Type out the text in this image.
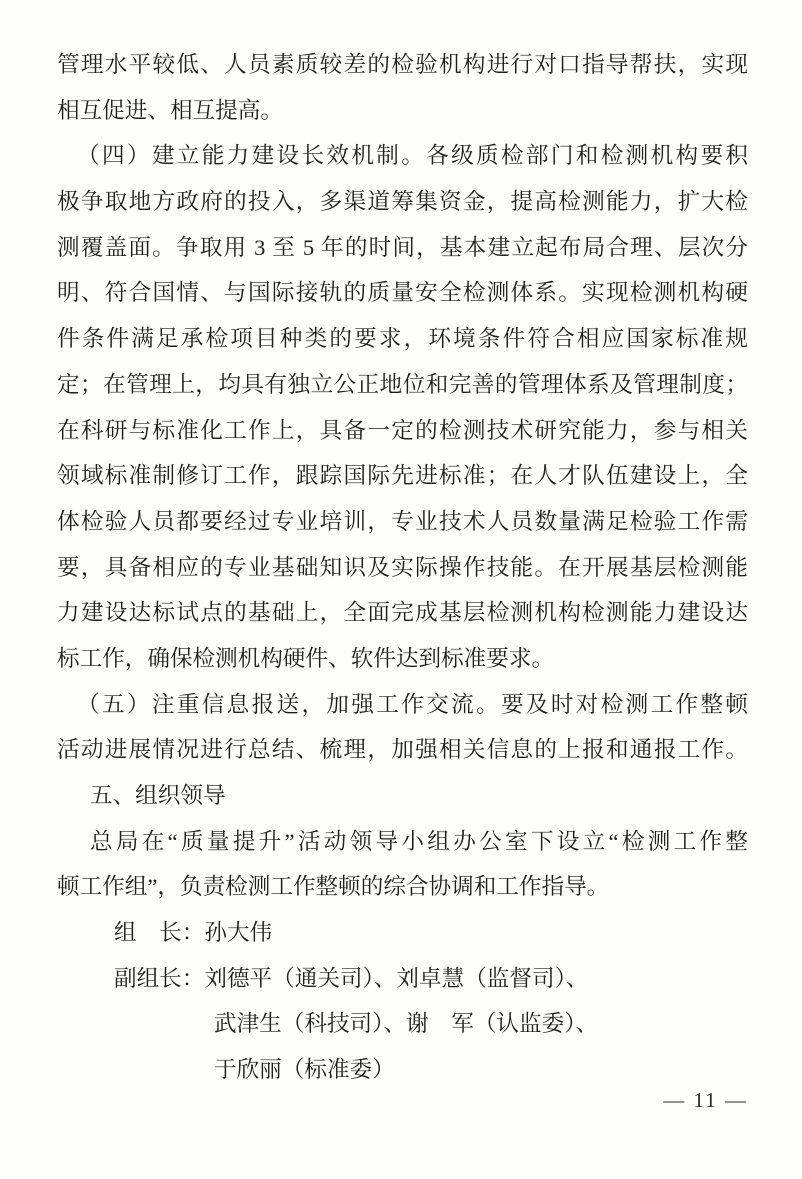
管理水平较低、人员素质较差的检验机构进行对口指导帮扶，实现
相互促进、相互提高。
（四）建立能力建设长效机制。各级质检部门和检测机构要积
极争取地方政府的投入，多渠道筹集资金，提高检测能力，扩大检
测覆盖面。争取用 3 至 5 年的时间，基本建立起布局合理、层次分
明、符合国情、与国际接轨的质量安全检测体系。实现检测机构硬
件条件满足承检项目种类的要求，环境条件符合相应国家标准规
定；在管理上，均具有独立公正地位和完善的管理体系及管理制度；
在科研与标准化工作上，具备一定的检测技术研究能力，参与相关
领域标准制修订工作，跟踪国际先进标准；在人才队伍建设上，全
体检验人员都要经过专业培训，专业技术人员数量满足检验工作需
要，具备相应的专业基础知识及实际操作技能。在开展基层检测能
力建设达标试点的基础上，全面完成基层检测机构检测能力建设达
标工作，确保检测机构硬件、软件达到标准要求。
（五）注重信息报送，加强工作交流。要及时对检测工作整顿
活动进展情况进行总结、梳理，加强相关信息的上报和通报工作。
五、组织领导
总局在“质量提升”活动领导小组办公室下设立“检测工作整
顿工作组”，负责检测工作整顿的综合协调和工作指导。
组　长：孙大伟
副组长：刘德平（通关司）、刘卓慧（监督司）、
武津生（科技司）、谢　军（认监委）、
于欣丽（标准委）
— 11 —
